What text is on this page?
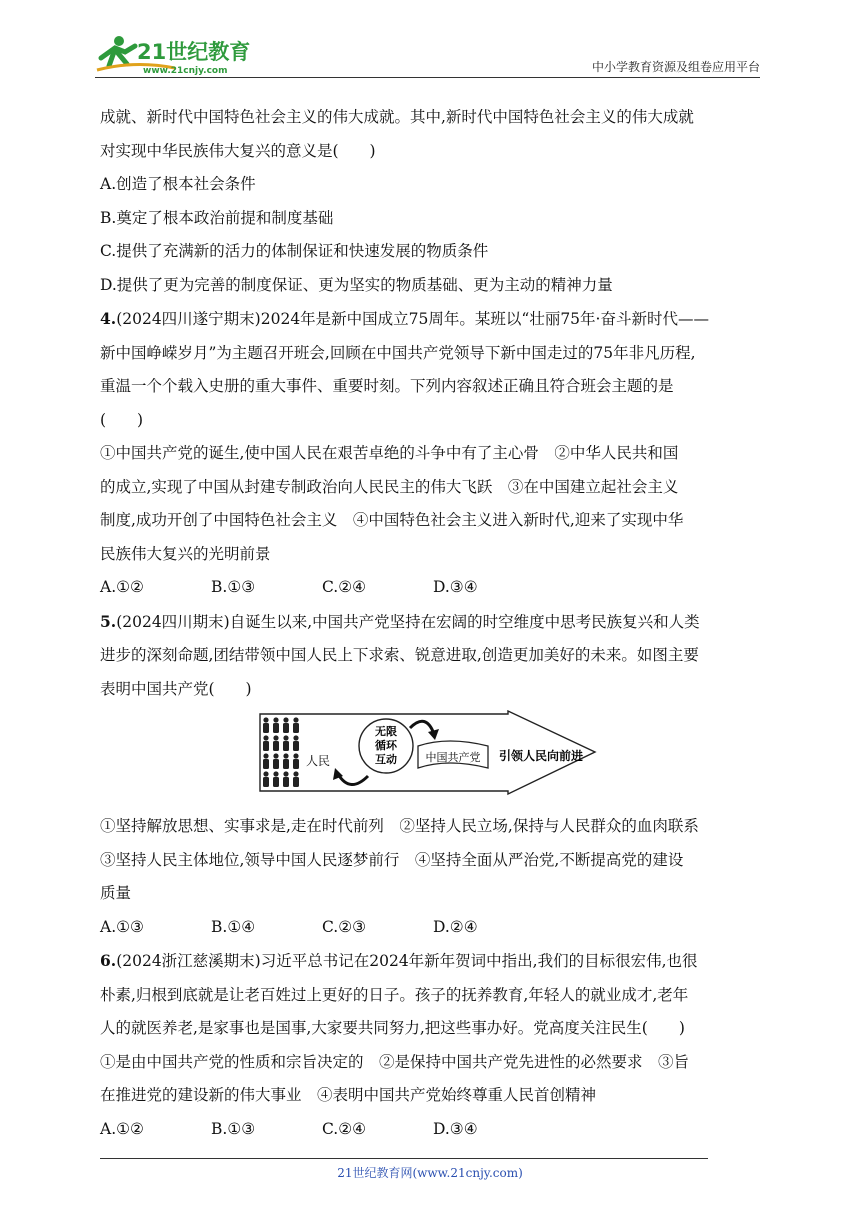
21世纪教育
www.21cnjy.com	中小学教育资源及组卷应用平台
成就、新时代中国特色社会主义的伟大成就。其中,新时代中国特色社会主义的伟大成就
对实现中华民族伟大复兴的意义是(　　)
A.创造了根本社会条件
B.奠定了根本政治前提和制度基础
C.提供了充满新的活力的体制保证和快速发展的物质条件
D.提供了更为完善的制度保证、更为坚实的物质基础、更为主动的精神力量
4.(2024四川遂宁期末)2024年是新中国成立75周年。某班以“壮丽75年·奋斗新时代——
新中国峥嵘岁月”为主题召开班会,回顾在中国共产党领导下新中国走过的75年非凡历程,
重温一个个载入史册的重大事件、重要时刻。下列内容叙述正确且符合班会主题的是
(　　)
①中国共产党的诞生,使中国人民在艰苦卓绝的斗争中有了主心骨　②中华人民共和国
的成立,实现了中国从封建专制政治向人民民主的伟大飞跃　③在中国建立起社会主义
制度,成功开创了中国特色社会主义　④中国特色社会主义进入新时代,迎来了实现中华
民族伟大复兴的光明前景
A.①②	B.①③	C.②④	D.③④
5.(2024四川期末)自诞生以来,中国共产党坚持在宏阔的时空维度中思考民族复兴和人类
进步的深刻命题,团结带领中国人民上下求索、锐意进取,创造更加美好的未来。如图主要
表明中国共产党(　　)
人民
无限
循环
互动	中国共产党 引领人民向前进
①坚持解放思想、实事求是,走在时代前列　②坚持人民立场,保持与人民群众的血肉联系
③坚持人民主体地位,领导中国人民逐梦前行　④坚持全面从严治党,不断提高党的建设
质量
A.①③	B.①④	C.②③	D.②④
6.(2024浙江慈溪期末)习近平总书记在2024年新年贺词中指出,我们的目标很宏伟,也很
朴素,归根到底就是让老百姓过上更好的日子。孩子的抚养教育,年轻人的就业成才,老年
人的就医养老,是家事也是国事,大家要共同努力,把这些事办好。党高度关注民生(　　)
①是由中国共产党的性质和宗旨决定的　②是保持中国共产党先进性的必然要求　③旨
在推进党的建设新的伟大事业　④表明中国共产党始终尊重人民首创精神
A.①②	B.①③	C.②④	D.③④
21世纪教育网(www.21cnjy.com)
